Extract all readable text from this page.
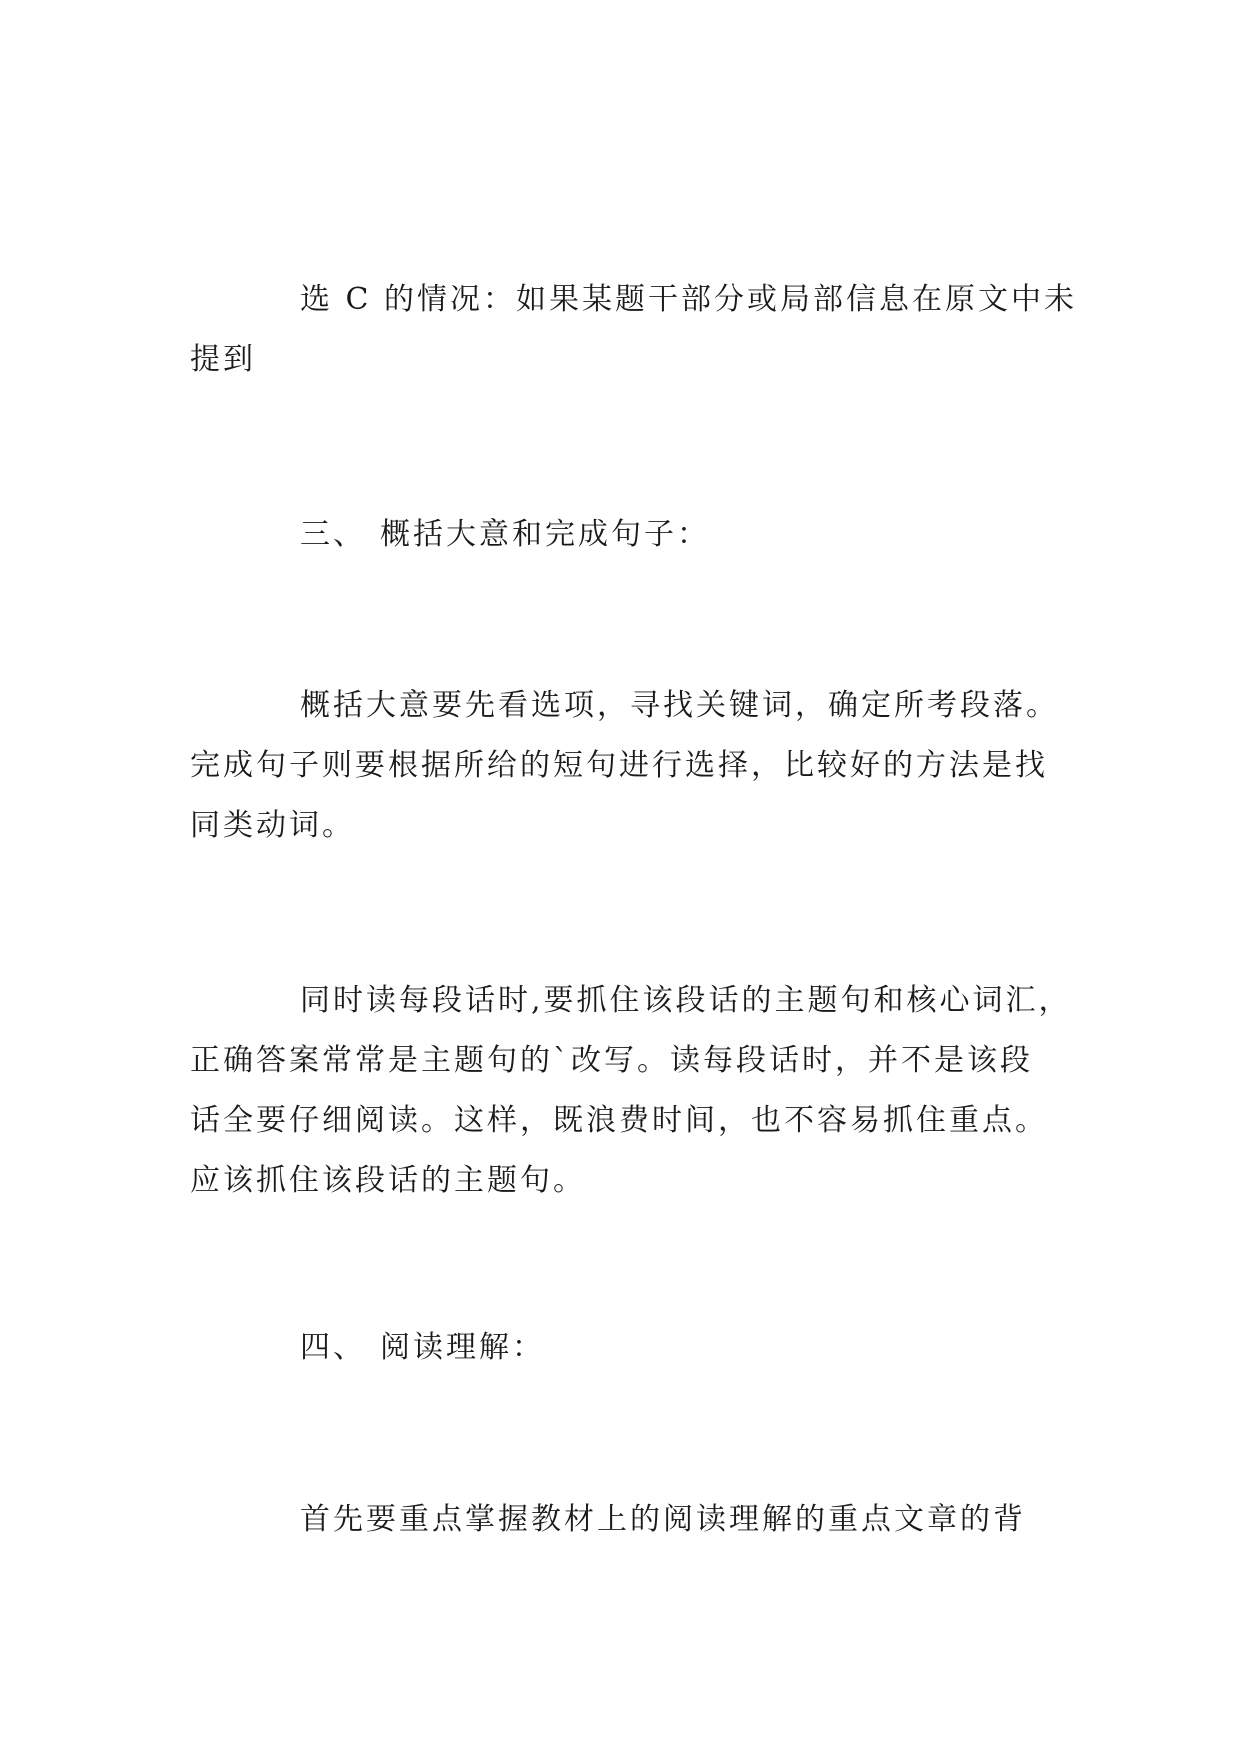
选 C 的情况：如果某题干部分或局部信息在原文中未
提到
三、 概括大意和完成句子：
概括大意要先看选项，寻找关键词，确定所考段落。
完成句子则要根据所给的短句进行选择，比较好的方法是找
同类动词。
同时读每段话时,要抓住该段话的主题句和核心词汇，
正确答案常常是主题句的`改写。读每段话时，并不是该段
话全要仔细阅读。这样，既浪费时间，也不容易抓住重点。
应该抓住该段话的主题句。
四、 阅读理解：
首先要重点掌握教材上的阅读理解的重点文章的背
